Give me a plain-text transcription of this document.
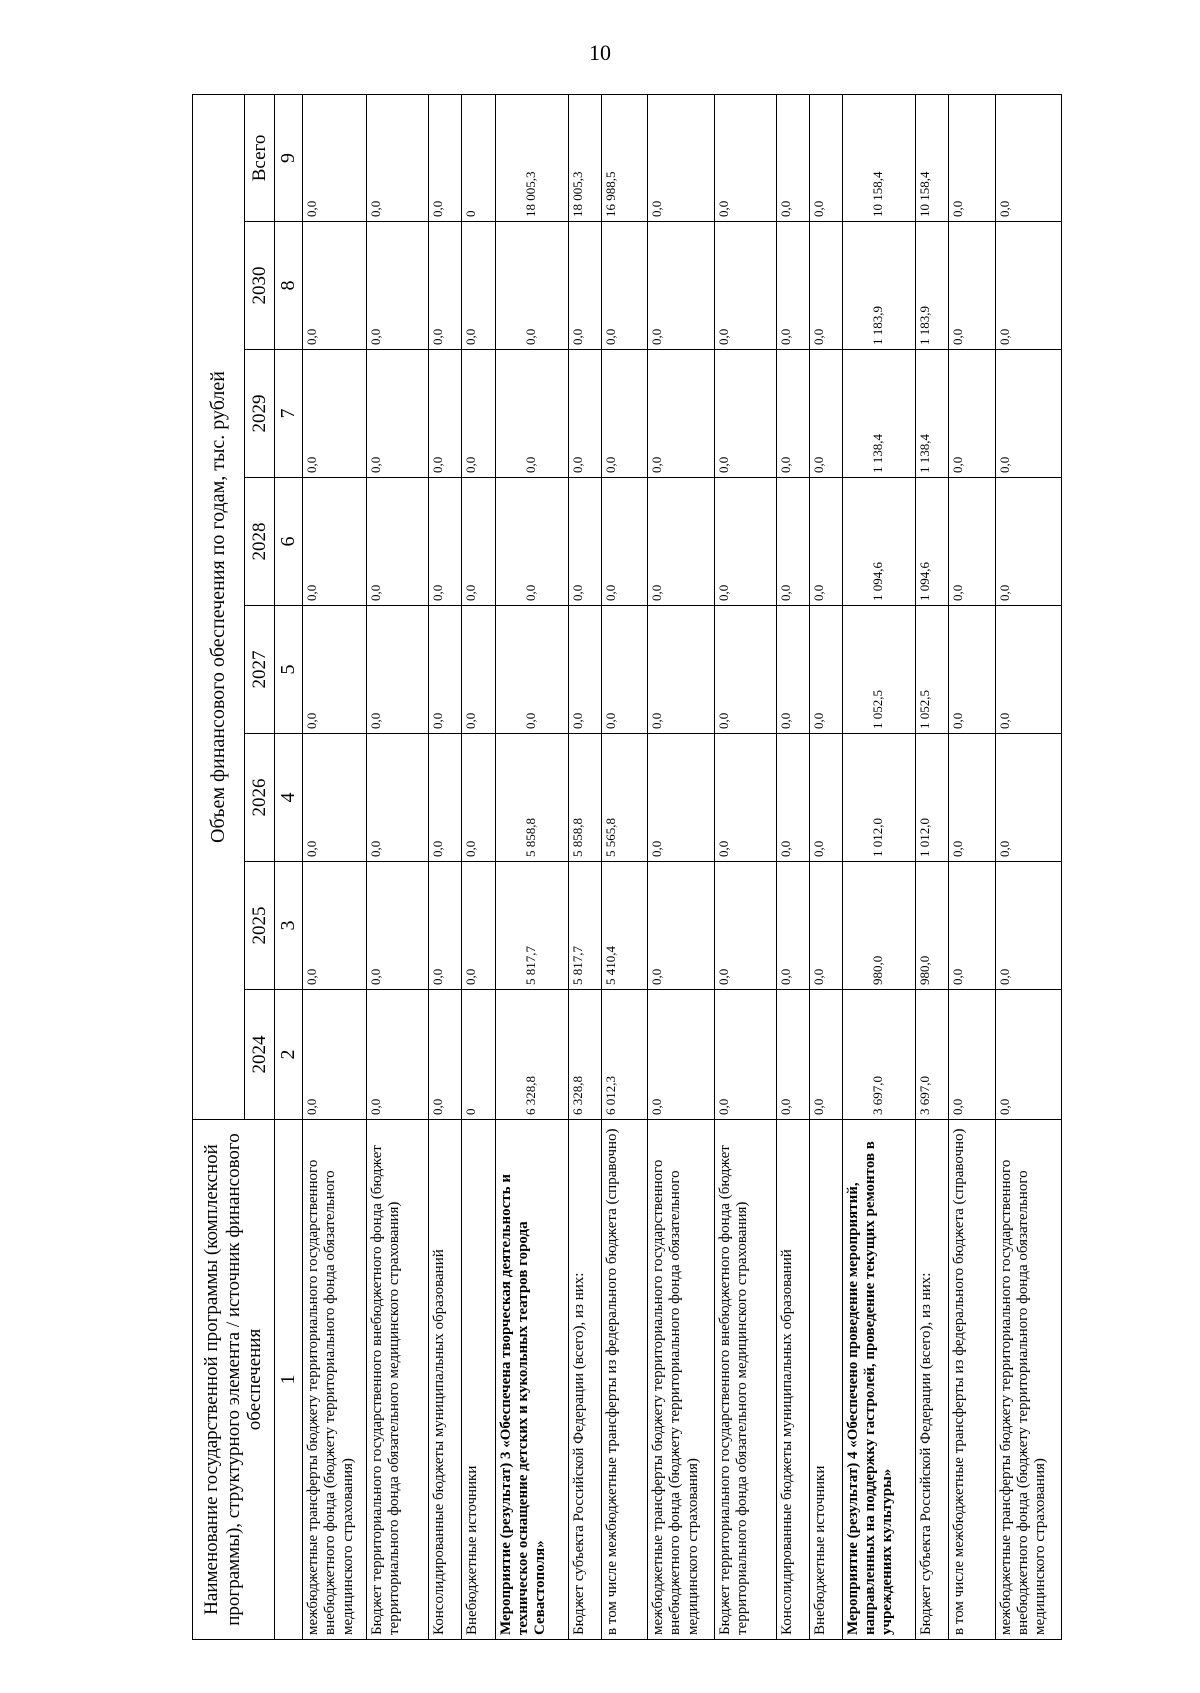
10
Наименование государственной программы (комплексной программы), структурного элемента / источник финансового обеспечения	Объем финансового обеспечения по годам, тыс. рублей							
	2024	2025	2026	2027	2028	2029	2030	Всего
1	2	3	4	5	6	7	8	9
межбюджетные трансферты бюджету территориального государственного внебюджетного фонда (бюджету территориального фонда обязательного медицинского страхования)	0,0	0,0	0,0	0,0	0,0	0,0	0,0	0,0
Бюджет территориального государственного внебюджетного фонда (бюджет территориального фонда обязательного медицинского страхования)	0,0	0,0	0,0	0,0	0,0	0,0	0,0	0,0
Консолидированные бюджеты муниципальных образований	0,0	0,0	0,0	0,0	0,0	0,0	0,0	0,0
Внебюджетные источники	0	0,0	0,0	0,0	0,0	0,0	0,0	0
Мероприятие (результат) 3 «Обеспечена творческая деятельность и техническое оснащение детских и кукольных театров города Севастополя»	6 328,8	5 817,7	5 858,8	0,0	0,0	0,0	0,0	18 005,3
Бюджет субъекта Российской Федерации (всего), из них:	6 328,8	5 817,7	5 858,8	0,0	0,0	0,0	0,0	18 005,3
в том числе межбюджетные трансферты из федерального бюджета (справочно)	6 012,3	5 410,4	5 565,8	0,0	0,0	0,0	0,0	16 988,5
межбюджетные трансферты бюджету территориального государственного внебюджетного фонда (бюджету территориального фонда обязательного медицинского страхования)	0,0	0,0	0,0	0,0	0,0	0,0	0,0	0,0
Бюджет территориального государственного внебюджетного фонда (бюджет территориального фонда обязательного медицинского страхования)	0,0	0,0	0,0	0,0	0,0	0,0	0,0	0,0
Консолидированные бюджеты муниципальных образований	0,0	0,0	0,0	0,0	0,0	0,0	0,0	0,0
Внебюджетные источники	0,0	0,0	0,0	0,0	0,0	0,0	0,0	0,0
Мероприятие (результат) 4 «Обеспечено проведение мероприятий, направленных на поддержку гастролей, проведение текущих ремонтов в учреждениях культуры»	3 697,0	980,0	1 012,0	1 052,5	1 094,6	1 138,4	1 183,9	10 158,4
Бюджет субъекта Российской Федерации (всего), из них:	3 697,0	980,0	1 012,0	1 052,5	1 094,6	1 138,4	1 183,9	10 158,4
в том числе межбюджетные трансферты из федерального бюджета (справочно)	0,0	0,0	0,0	0,0	0,0	0,0	0,0	0,0
межбюджетные трансферты бюджету территориального государственного внебюджетного фонда (бюджету территориального фонда обязательного медицинского страхования)	0,0	0,0	0,0	0,0	0,0	0,0	0,0	0,0
